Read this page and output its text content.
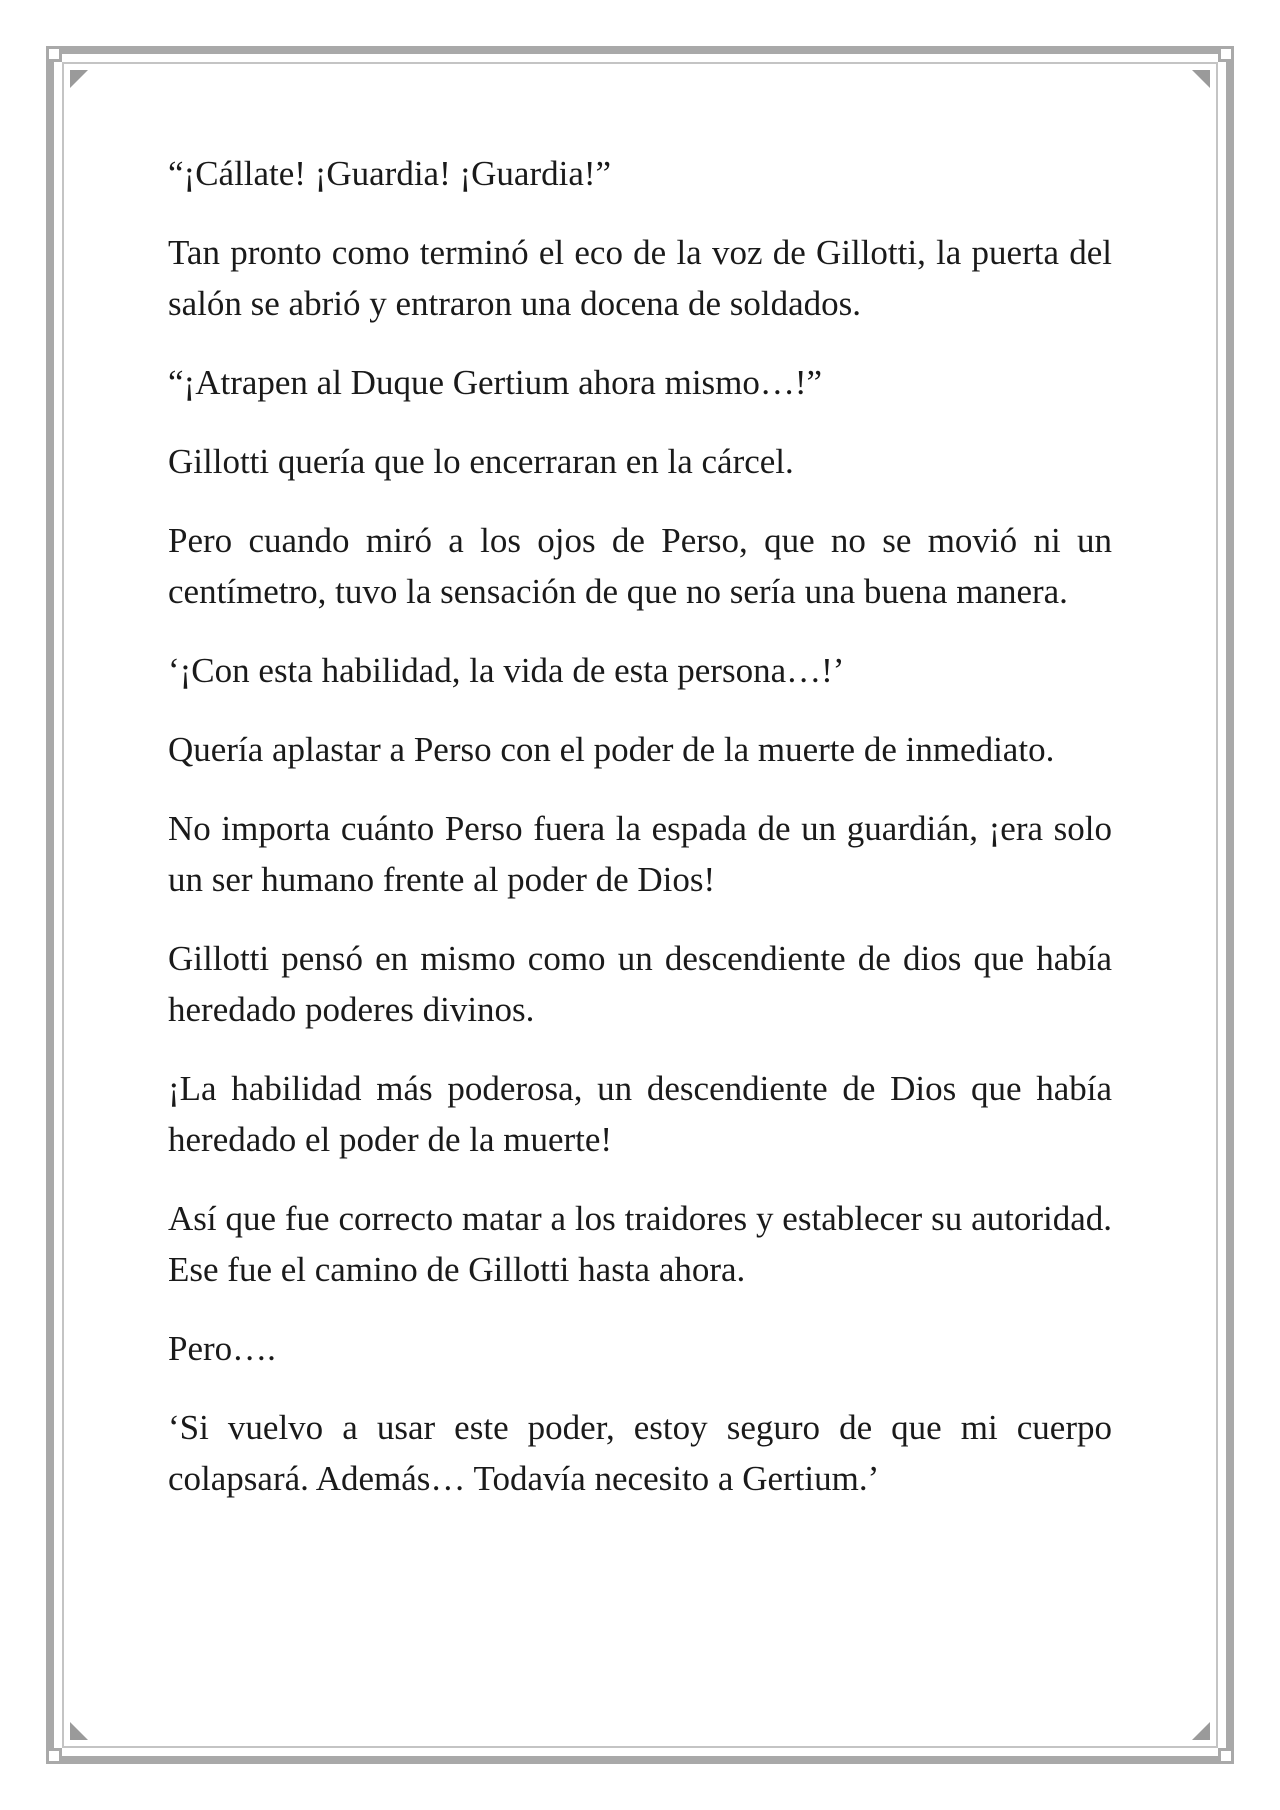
“¡Cállate! ¡Guardia! ¡Guardia!”

Tan pronto como terminó el eco de la voz de Gillotti, la puerta del salón se abrió y entraron una docena de soldados.

“¡Atrapen al Duque Gertium ahora mismo…!”

Gillotti quería que lo encerraran en la cárcel.

Pero cuando miró a los ojos de Perso, que no se movió ni un centímetro, tuvo la sensación de que no sería una buena manera.

‘¡Con esta habilidad, la vida de esta persona…!’

Quería aplastar a Perso con el poder de la muerte de inmediato.

No importa cuánto Perso fuera la espada de un guardián, ¡era solo un ser humano frente al poder de Dios!

Gillotti pensó en mismo como un descendiente de dios que había heredado poderes divinos.

¡La habilidad más poderosa, un descendiente de Dios que había heredado el poder de la muerte!

Así que fue correcto matar a los traidores y establecer su autoridad. Ese fue el camino de Gillotti hasta ahora.

Pero….

‘Si vuelvo a usar este poder, estoy seguro de que mi cuerpo colapsará. Además… Todavía necesito a Gertium.’
